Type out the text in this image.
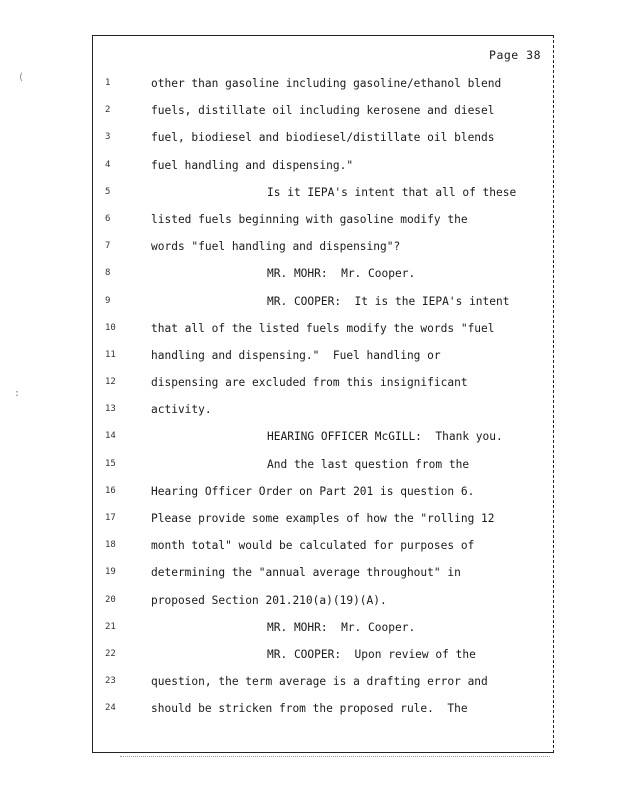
(
:
Page 38
1	other than gasoline including gasoline/ethanol blend
2	fuels, distillate oil including kerosene and diesel
3	fuel, biodiesel and biodiesel/distillate oil blends
4	fuel handling and dispensing."
5	Is it IEPA's intent that all of these
6	listed fuels beginning with gasoline modify the
7	words "fuel handling and dispensing"?
8	MR. MOHR:  Mr. Cooper.
9	MR. COOPER:  It is the IEPA's intent
10	that all of the listed fuels modify the words "fuel
11	handling and dispensing."  Fuel handling or
12	dispensing are excluded from this insignificant
13	activity.
14	HEARING OFFICER McGILL:  Thank you.
15	And the last question from the
16	Hearing Officer Order on Part 201 is question 6.
17	Please provide some examples of how the "rolling 12
18	month total" would be calculated for purposes of
19	determining the "annual average throughout" in
20	proposed Section 201.210(a)(19)(A).
21	MR. MOHR:  Mr. Cooper.
22	MR. COOPER:  Upon review of the
23	question, the term average is a drafting error and
24	should be stricken from the proposed rule.  The
